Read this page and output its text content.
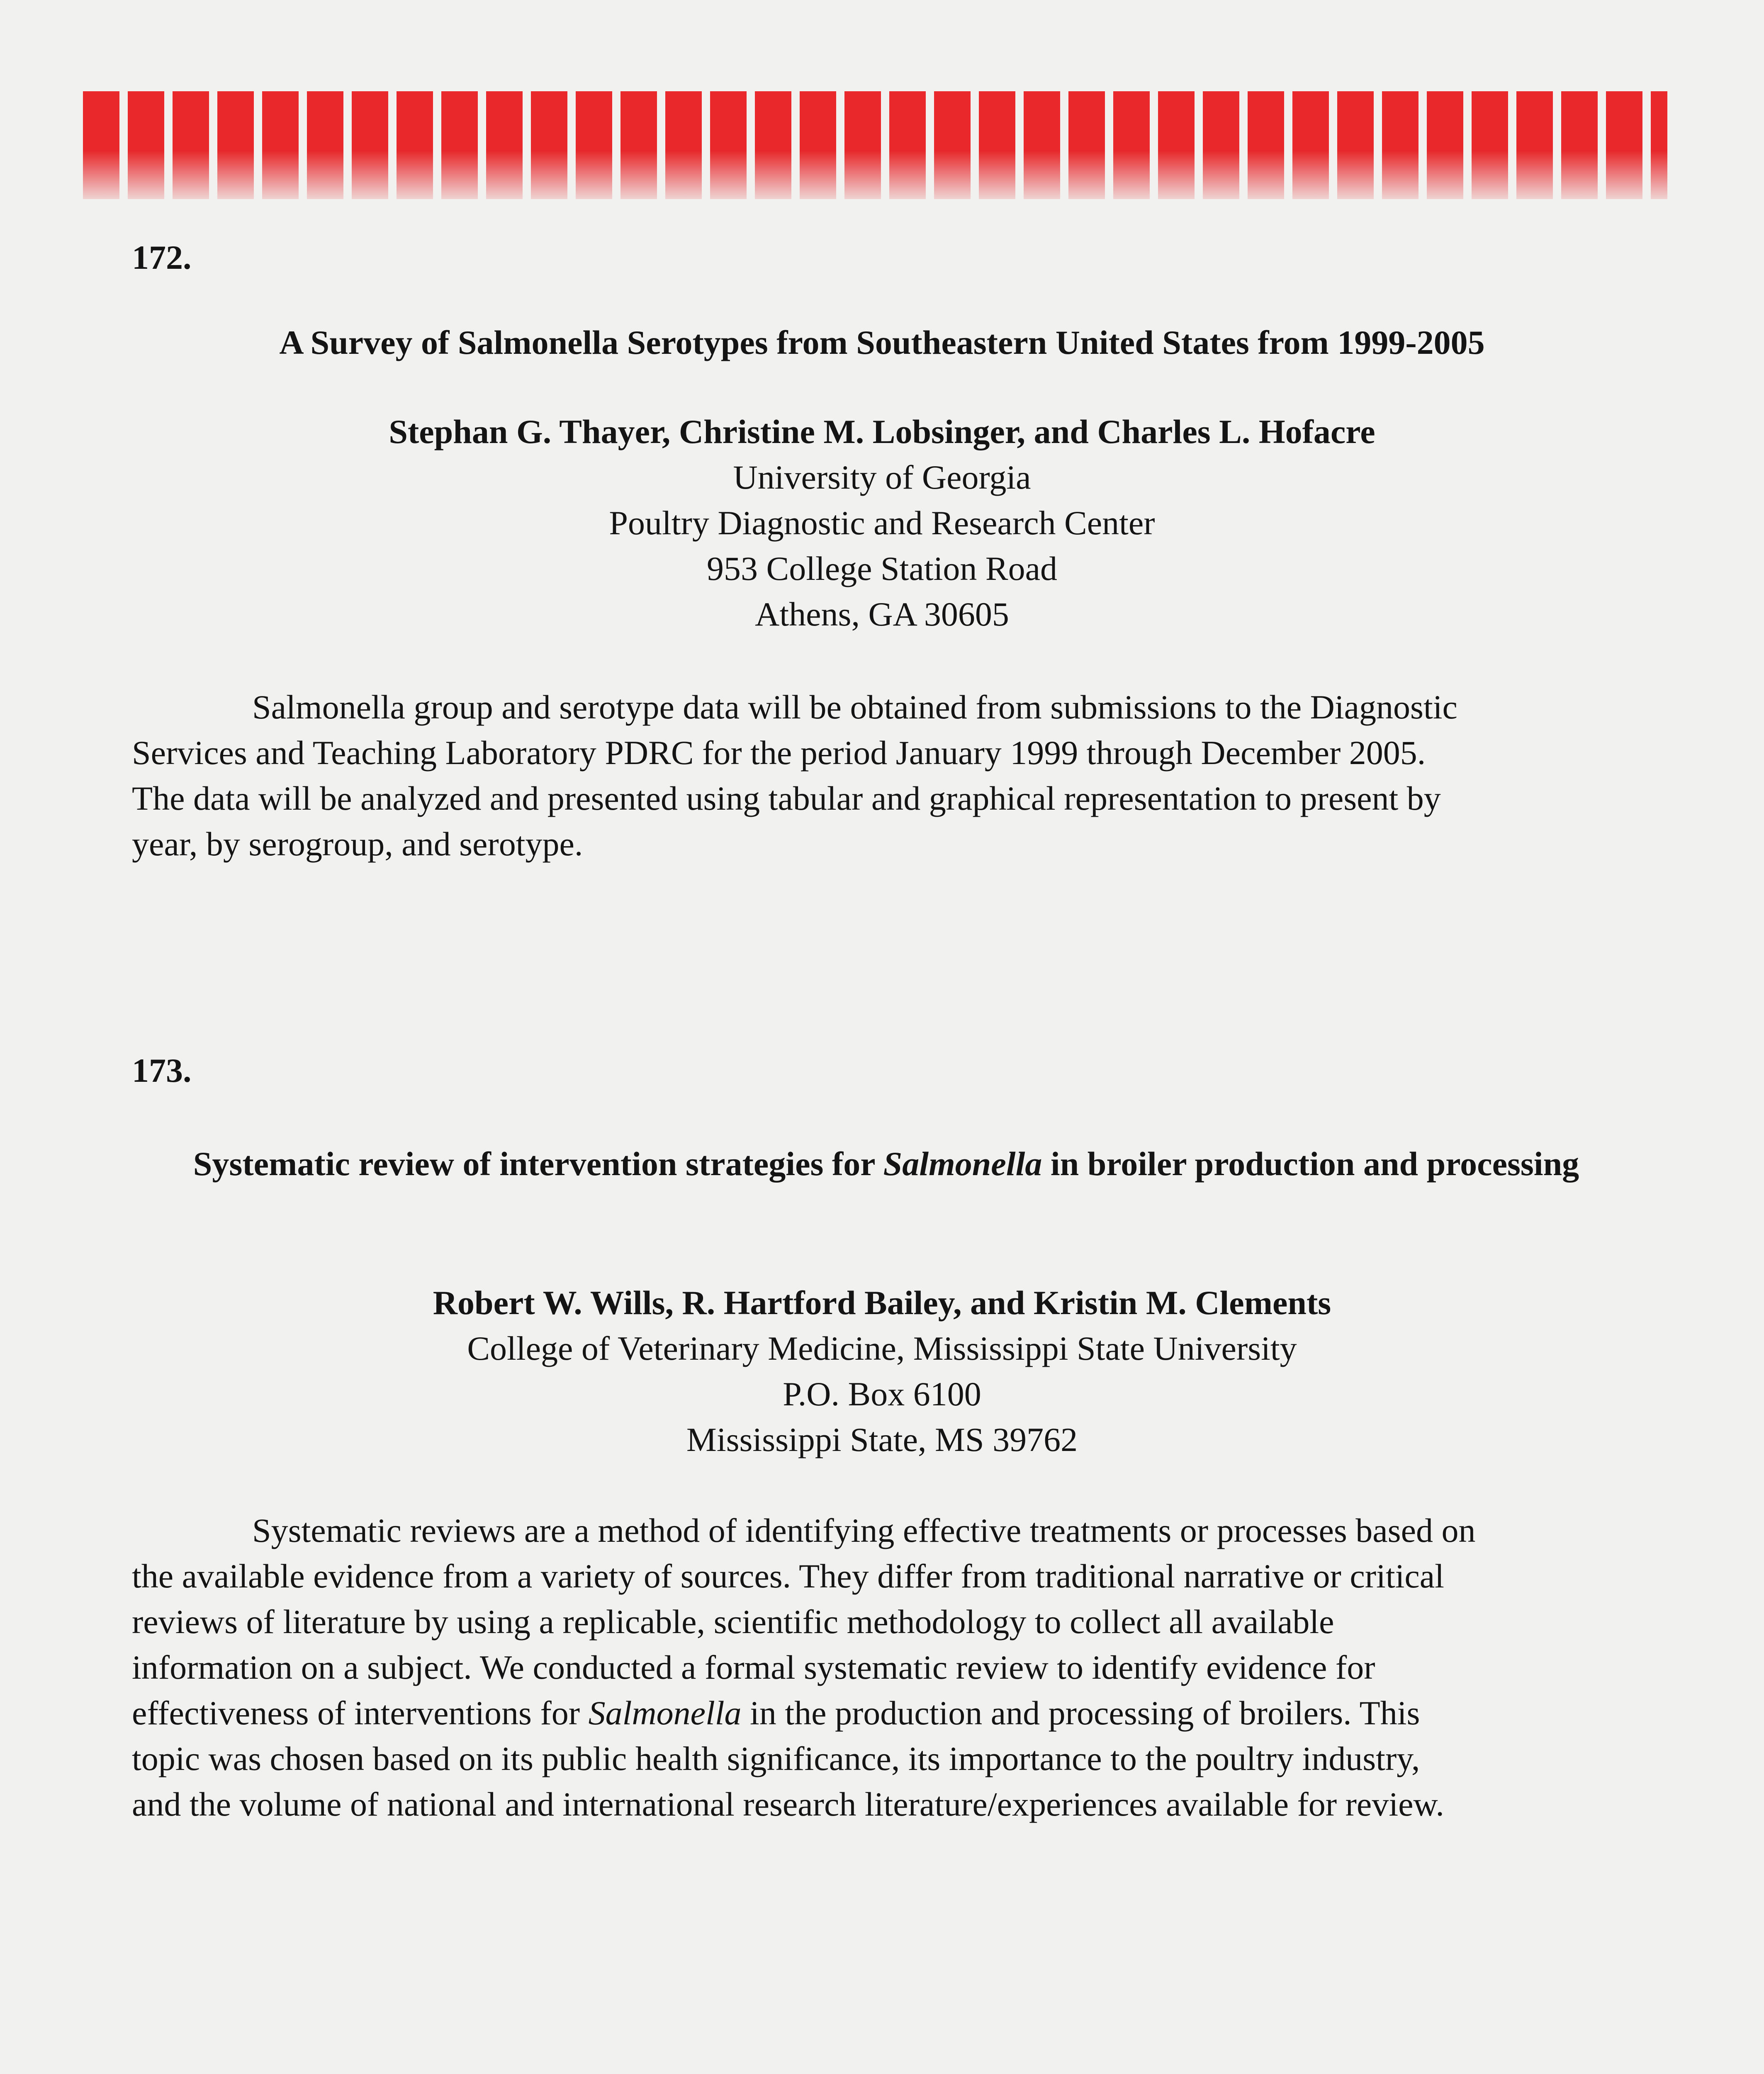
172.
A Survey of Salmonella Serotypes from Southeastern United States from 1999-2005
Stephan G. Thayer, Christine M. Lobsinger, and Charles L. Hofacre
University of Georgia
Poultry Diagnostic and Research Center
953 College Station Road
Athens, GA 30605
Salmonella group and serotype data will be obtained from submissions to the Diagnostic
Services and Teaching Laboratory PDRC for the period January 1999 through December 2005.
The data will be analyzed and presented using tabular and graphical representation to present by
year, by serogroup, and serotype.
173.
Systematic review of intervention strategies for Salmonella in broiler production and processing
Robert W. Wills, R. Hartford Bailey, and Kristin M. Clements
College of Veterinary Medicine, Mississippi State University
P.O. Box 6100
Mississippi State, MS 39762
Systematic reviews are a method of identifying effective treatments or processes based on
the available evidence from a variety of sources. They differ from traditional narrative or critical
reviews of literature by using a replicable, scientific methodology to collect all available
information on a subject. We conducted a formal systematic review to identify evidence for
effectiveness of interventions for Salmonella in the production and processing of broilers. This
topic was chosen based on its public health significance, its importance to the poultry industry,
and the volume of national and international research literature/experiences available for review.
